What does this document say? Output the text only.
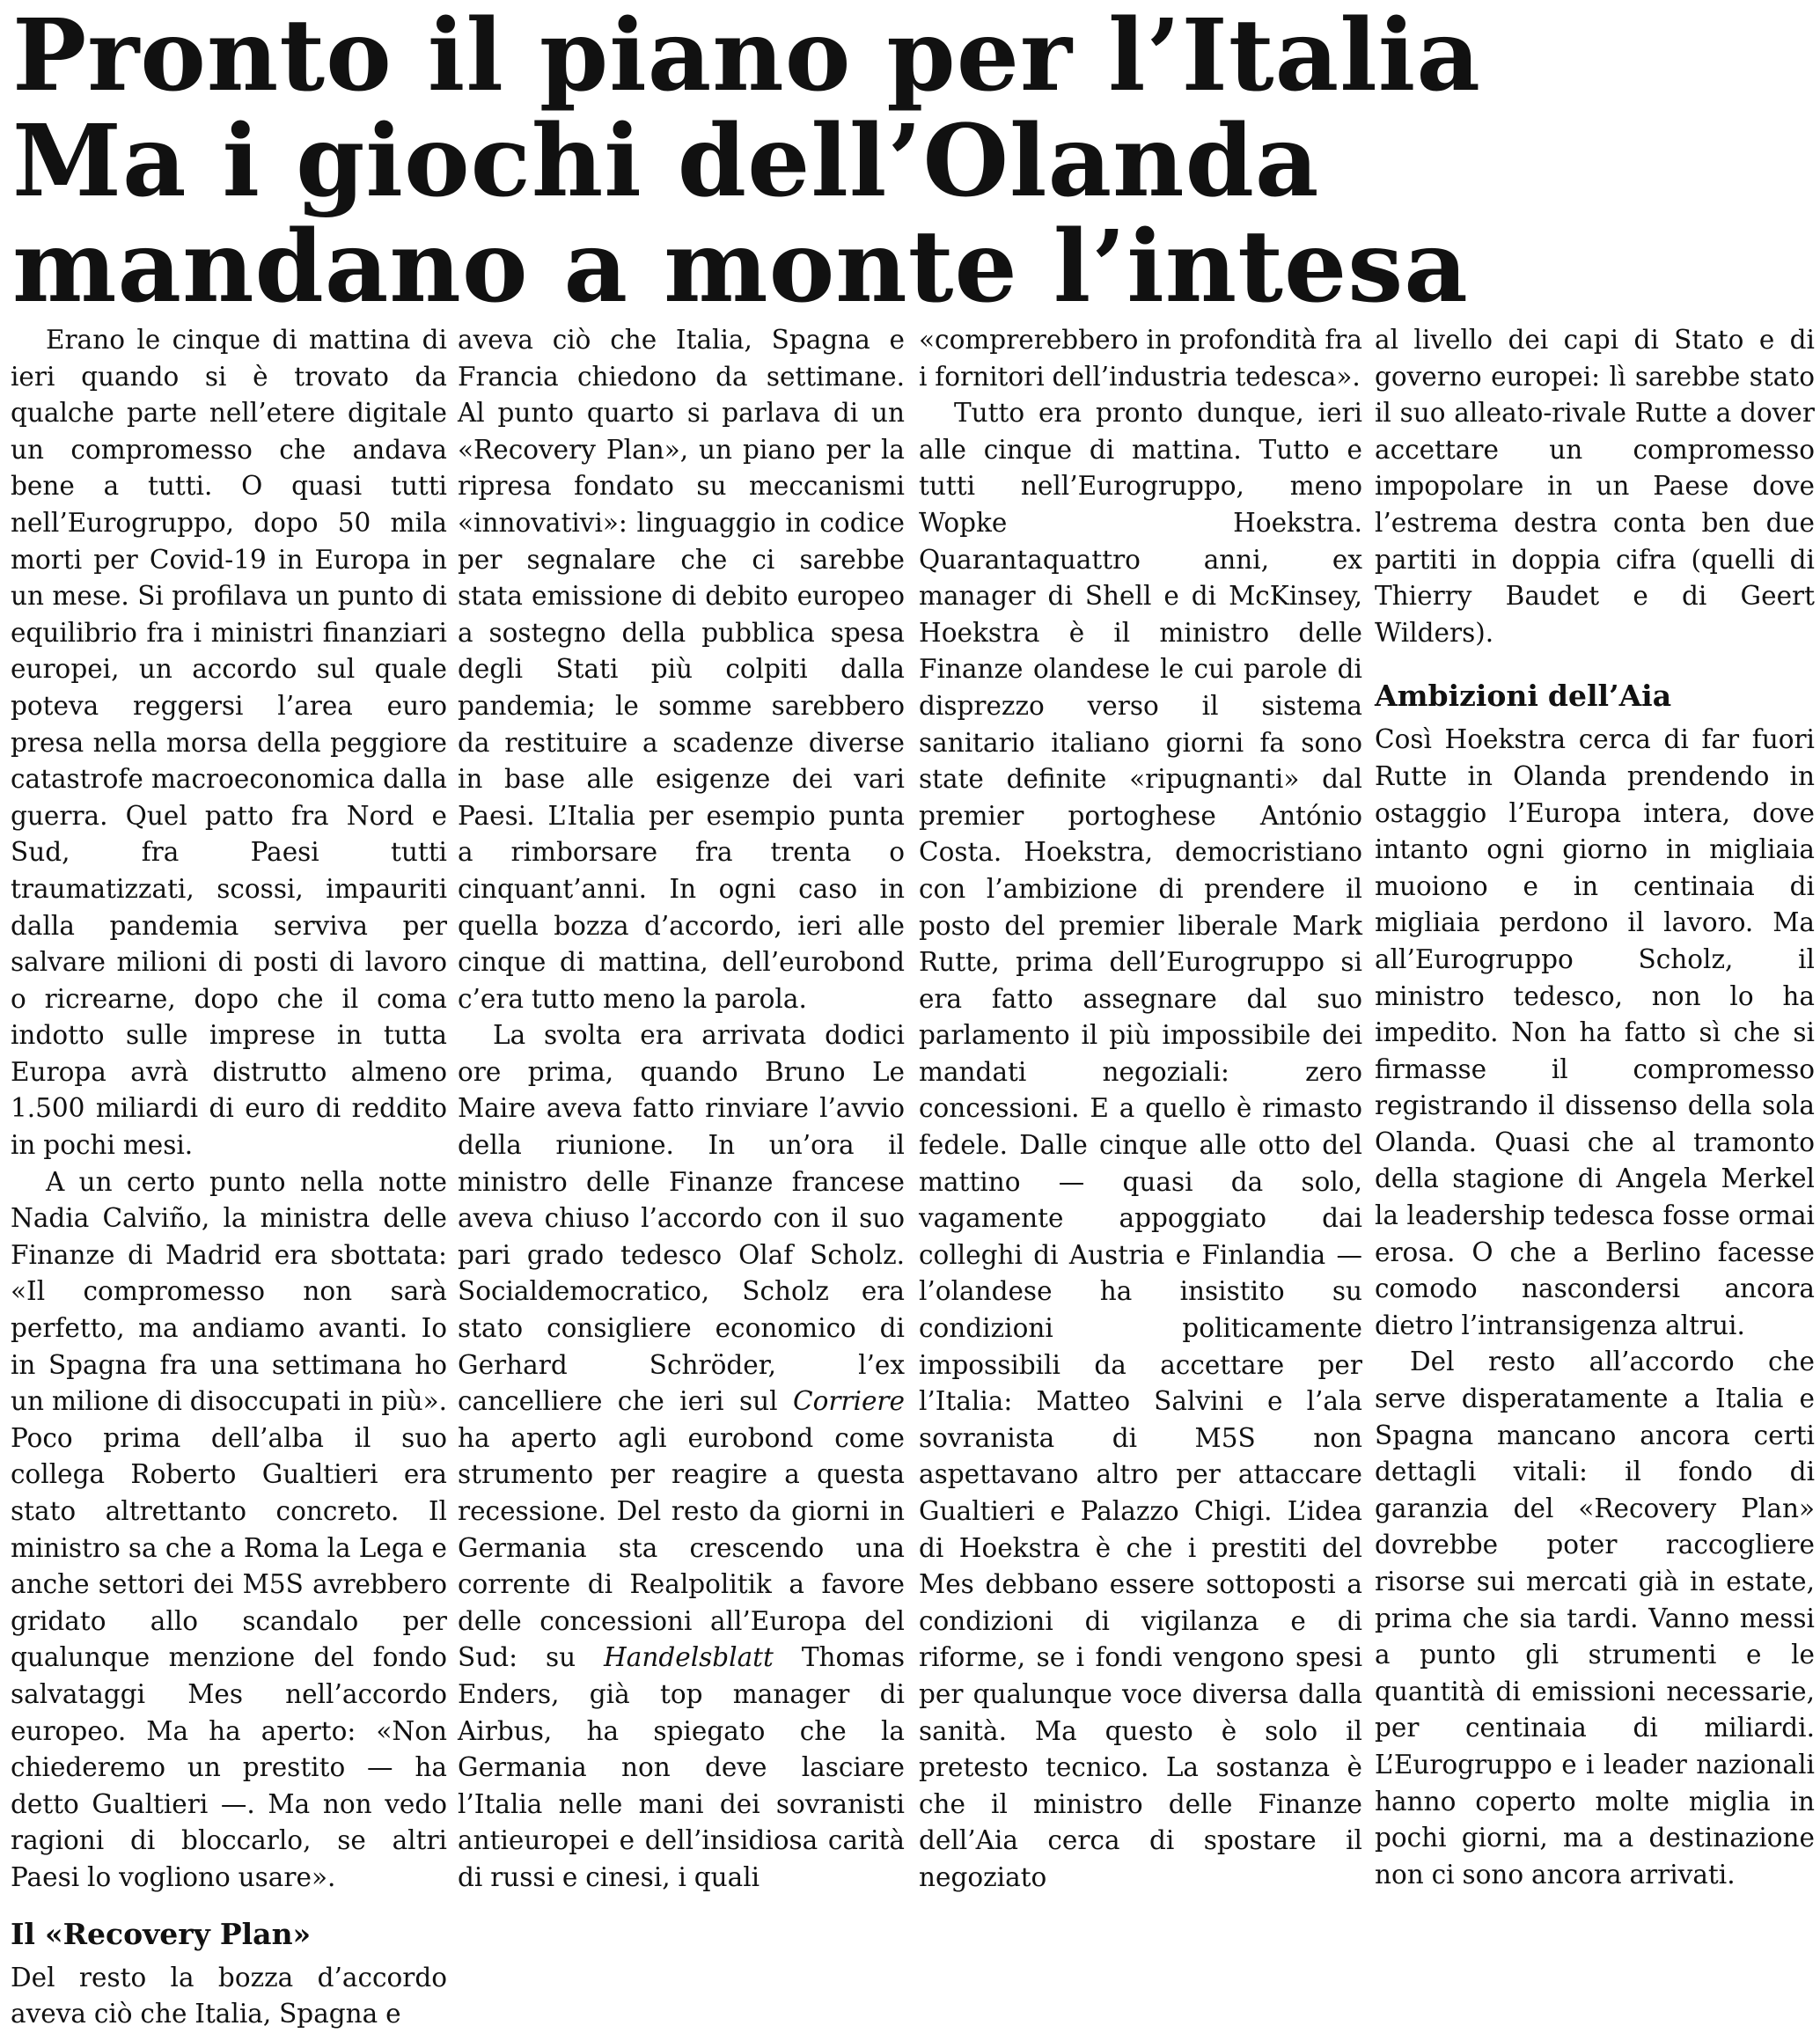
Pronto il piano per l’Italia
Ma i giochi dell’Olanda
mandano a monte l’intesa

Erano le cinque di mattina di ieri quando si è trovato da qualche parte nell’etere digitale un compromesso che andava bene a tutti. O quasi tutti nell’Eurogruppo, dopo 50 mila morti per Covid-19 in Europa in un mese. Si profilava un punto di equilibrio fra i ministri finanziari europei, un accordo sul quale poteva reggersi l’area euro presa nella morsa della peggiore catastrofe macroeconomica dalla guerra. Quel patto fra Nord e Sud, fra Paesi tutti traumatizzati, scossi, impauriti dalla pandemia serviva per salvare milioni di posti di lavoro o ricrearne, dopo che il coma indotto sulle imprese in tutta Europa avrà distrutto almeno 1.500 miliardi di euro di reddito in pochi mesi.

A un certo punto nella notte Nadia Calviño, la ministra delle Finanze di Madrid era sbottata: «Il compromesso non sarà perfetto, ma andiamo avanti. Io in Spagna fra una settimana ho un milione di disoccupati in più». Poco prima dell’alba il suo collega Roberto Gualtieri era stato altrettanto concreto. Il ministro sa che a Roma la Lega e anche settori dei M5S avrebbero gridato allo scandalo per qualunque menzione del fondo salvataggi Mes nell’accordo europeo. Ma ha aperto: «Non chiederemo un prestito — ha detto Gualtieri —. Ma non vedo ragioni di bloccarlo, se altri Paesi lo vogliono usare».

Il «Recovery Plan»

Del resto la bozza d’accordo aveva ciò che Italia, Spagna e

aveva ciò che Italia, Spagna e Francia chiedono da settimane. Al punto quarto si parlava di un «Recovery Plan», un piano per la ripresa fondato su meccanismi «innovativi»: linguaggio in codice per segnalare che ci sarebbe stata emissione di debito europeo a sostegno della pubblica spesa degli Stati più colpiti dalla pandemia; le somme sarebbero da restituire a scadenze diverse in base alle esigenze dei vari Paesi. L’Italia per esempio punta a rimborsare fra trenta o cinquant’anni. In ogni caso in quella bozza d’accordo, ieri alle cinque di mattina, dell’eurobond c’era tutto meno la parola.

La svolta era arrivata dodici ore prima, quando Bruno Le Maire aveva fatto rinviare l’avvio della riunione. In un’ora il ministro delle Finanze francese aveva chiuso l’accordo con il suo pari grado tedesco Olaf Scholz. Socialdemocratico, Scholz era stato consigliere economico di Gerhard Schröder, l’ex cancelliere che ieri sul Corriere ha aperto agli eurobond come strumento per reagire a questa recessione. Del resto da giorni in Germania sta crescendo una corrente di Realpolitik a favore delle concessioni all’Europa del Sud: su Handelsblatt Thomas Enders, già top manager di Airbus, ha spiegato che la Germania non deve lasciare l’Italia nelle mani dei sovranisti antieuropei e dell’insidiosa carità di russi e cinesi, i quali

«comprerebbero in profondità fra i fornitori dell’industria tedesca».

Tutto era pronto dunque, ieri alle cinque di mattina. Tutto e tutti nell’Eurogruppo, meno Wopke Hoekstra. Quarantaquattro anni, ex manager di Shell e di McKinsey, Hoekstra è il ministro delle Finanze olandese le cui parole di disprezzo verso il sistema sanitario italiano giorni fa sono state definite «ripugnanti» dal premier portoghese António Costa. Hoekstra, democristiano con l’ambizione di prendere il posto del premier liberale Mark Rutte, prima dell’Eurogruppo si era fatto assegnare dal suo parlamento il più impossibile dei mandati negoziali: zero concessioni. E a quello è rimasto fedele. Dalle cinque alle otto del mattino — quasi da solo, vagamente appoggiato dai colleghi di Austria e Finlandia — l’olandese ha insistito su condizioni politicamente impossibili da accettare per l’Italia: Matteo Salvini e l’ala sovranista di M5S non aspettavano altro per attaccare Gualtieri e Palazzo Chigi. L’idea di Hoekstra è che i prestiti del Mes debbano essere sottoposti a condizioni di vigilanza e di riforme, se i fondi vengono spesi per qualunque voce diversa dalla sanità. Ma questo è solo il pretesto tecnico. La sostanza è che il ministro delle Finanze dell’Aia cerca di spostare il negoziato

al livello dei capi di Stato e di governo europei: lì sarebbe stato il suo alleato-rivale Rutte a dover accettare un compromesso impopolare in un Paese dove l’estrema destra conta ben due partiti in doppia cifra (quelli di Thierry Baudet e di Geert Wilders).

Ambizioni dell’Aia

Così Hoekstra cerca di far fuori Rutte in Olanda prendendo in ostaggio l’Europa intera, dove intanto ogni giorno in migliaia muoiono e in centinaia di migliaia perdono il lavoro. Ma all’Eurogruppo Scholz, il ministro tedesco, non lo ha impedito. Non ha fatto sì che si firmasse il compromesso registrando il dissenso della sola Olanda. Quasi che al tramonto della stagione di Angela Merkel la leadership tedesca fosse ormai erosa. O che a Berlino facesse comodo nascondersi ancora dietro l’intransigenza altrui.

Del resto all’accordo che serve disperatamente a Italia e Spagna mancano ancora certi dettagli vitali: il fondo di garanzia del «Recovery Plan» dovrebbe poter raccogliere risorse sui mercati già in estate, prima che sia tardi. Vanno messi a punto gli strumenti e le quantità di emissioni necessarie, per centinaia di miliardi. L’Eurogruppo e i leader nazionali hanno coperto molte miglia in pochi giorni, ma a destinazione non ci sono ancora arrivati.
